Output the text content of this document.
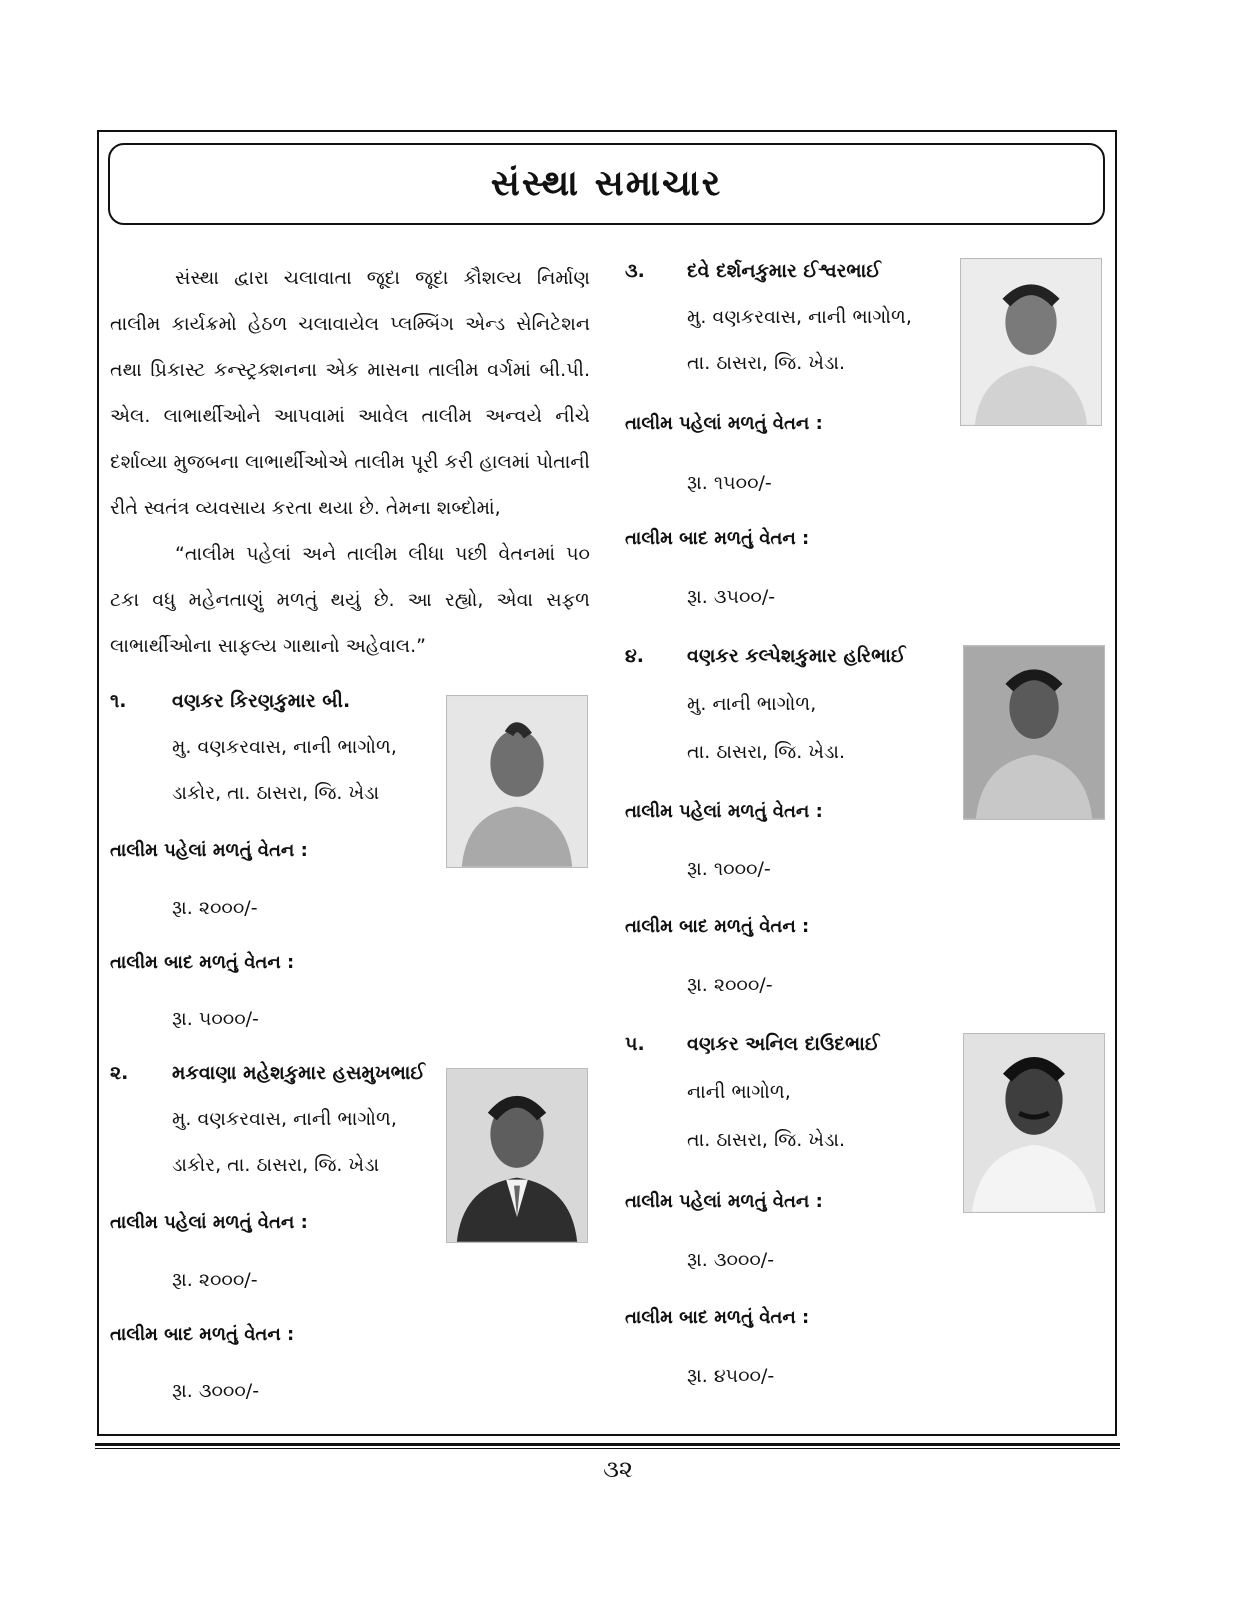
સંસ્થા સમાચાર

સંસ્થા દ્વારા ચલાવાતા જૂદા જૂદા કૌશલ્ય નિર્માણ તાલીમ કાર્યક્રમો હેઠળ ચલાવાયેલ પ્લમ્બિંગ એન્ડ સેનિટેશન તથા પ્રિકાસ્ટ કન્સ્ટ્રક્શનના એક માસના તાલીમ વર્ગમાં બી.પી. એલ. લાભાર્થીઓને આપવામાં આવેલ તાલીમ અન્વયે નીચે દર્શાવ્યા મુજબના લાભાર્થીઓએ તાલીમ પૂરી કરી હાલમાં પોતાની રીતે સ્વતંત્ર વ્યવસાય કરતા થયા છે. તેમના શબ્દોમાં,

“તાલીમ પહેલાં અને તાલીમ લીધા પછી વેતનમાં ૫૦ ટકા વધુ મહેનતાણું મળતું થયું છે. આ રહ્યો, એવા સફળ લાભાર્થીઓના સાફલ્ય ગાથાનો અહેવાલ.”

૧. વણકર કિરણકુમાર બી.
મુ. વણકરવાસ, નાની ભાગોળ,
ડાકોર, તા. ઠાસરા, જિ. ખેડા
તાલીમ પહેલાં મળતું વેતન :
રૂા. ૨૦૦૦/-
તાલીમ બાદ મળતું વેતન :
રૂા. ૫૦૦૦/-
૨. મકવાણા મહેશકુમાર હસમુખભાઈ
મુ. વણકરવાસ, નાની ભાગોળ,
ડાકોર, તા. ઠાસરા, જિ. ખેડા
તાલીમ પહેલાં મળતું વેતન :
રૂા. ૨૦૦૦/-
તાલીમ બાદ મળતું વેતન :
રૂા. ૩૦૦૦/-
૩. દવે દર્શનકુમાર ઈશ્વરભાઈ
મુ. વણકરવાસ, નાની ભાગોળ,
તા. ઠાસરા, જિ. ખેડા.
તાલીમ પહેલાં મળતું વેતન :
રૂા. ૧૫૦૦/-
તાલીમ બાદ મળતું વેતન :
રૂા. ૩૫૦૦/-
૪. વણકર કલ્પેશકુમાર હરિભાઈ
મુ. નાની ભાગોળ,
તા. ઠાસરા, જિ. ખેડા.
તાલીમ પહેલાં મળતું વેતન :
રૂા. ૧૦૦૦/-
તાલીમ બાદ મળતું વેતન :
રૂા. ૨૦૦૦/-
૫. વણકર અનિલ દાઉદભાઈ
નાની ભાગોળ,
તા. ઠાસરા, જિ. ખેડા.
તાલીમ પહેલાં મળતું વેતન :
રૂા. ૩૦૦૦/-
તાલીમ બાદ મળતું વેતન :
રૂા. ૪૫૦૦/-
૩૨
